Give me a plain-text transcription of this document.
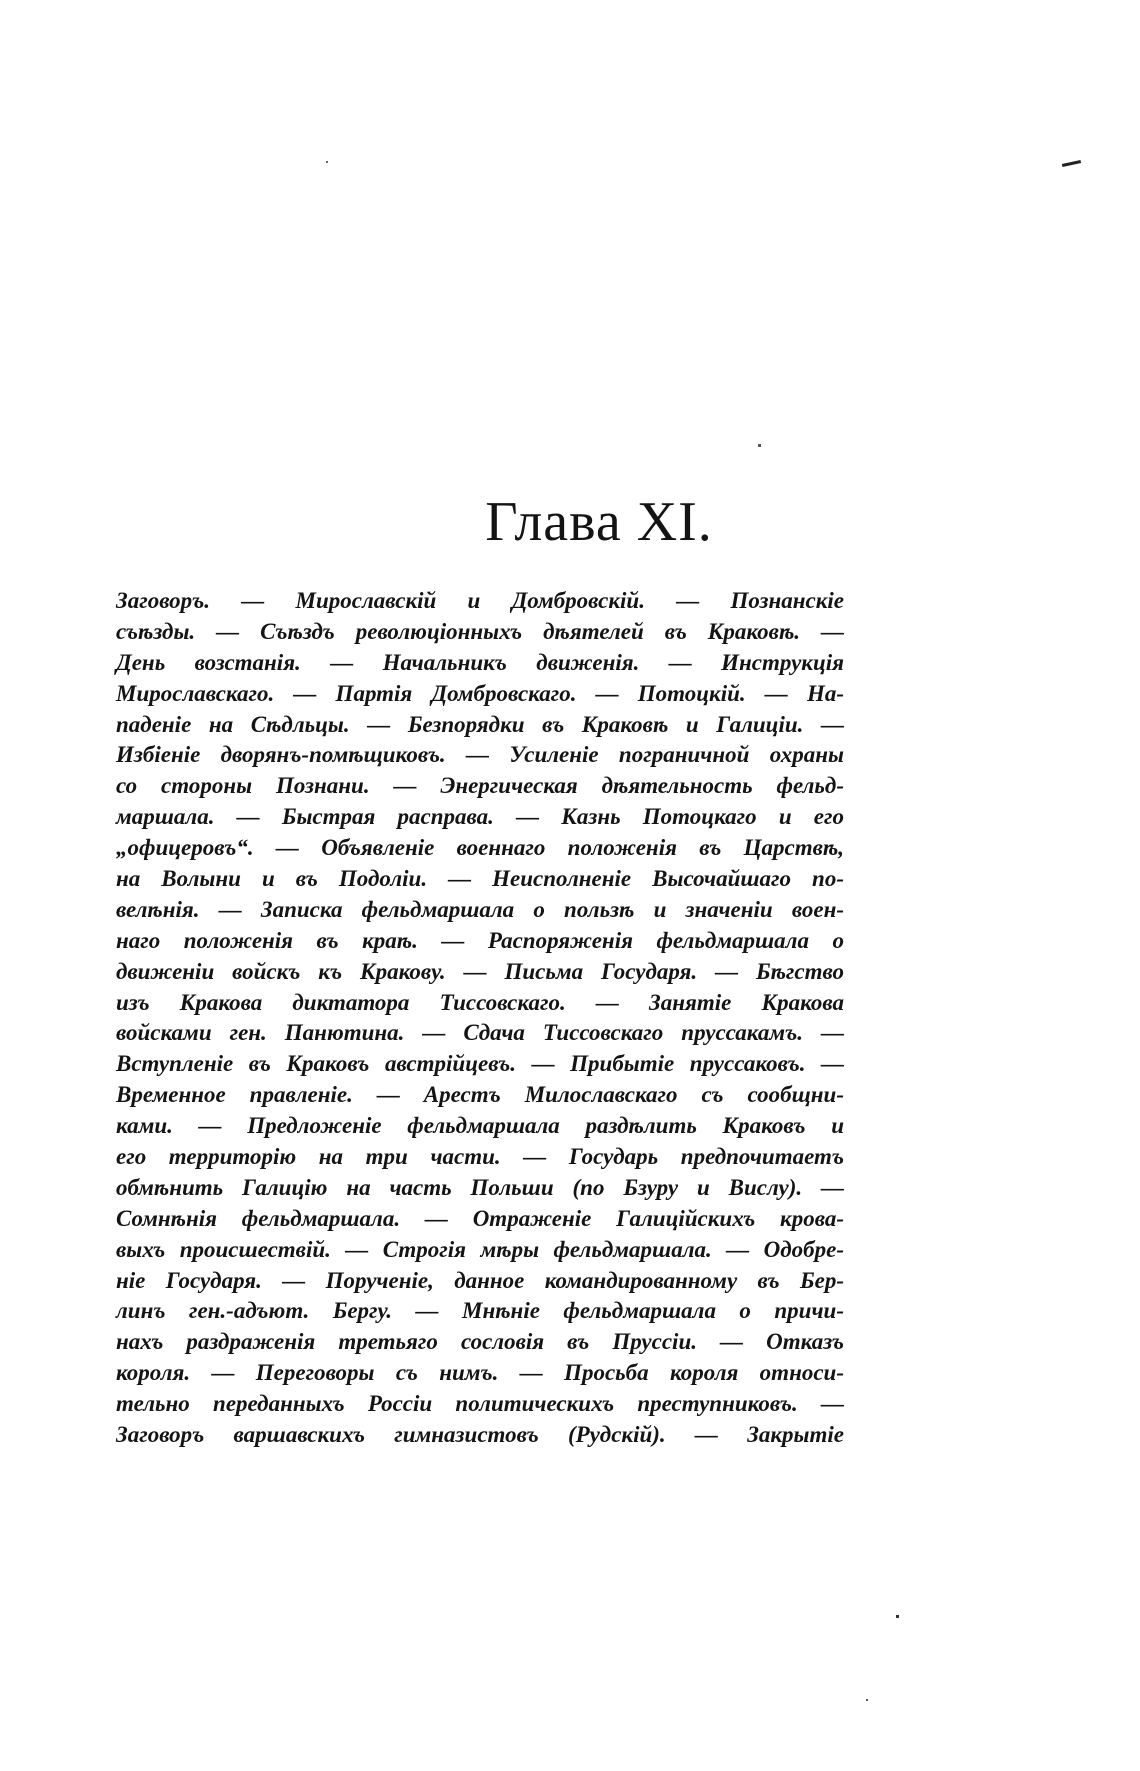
Глава XI.
Заговоръ. — Мирославскій и Домбровскій. — Познанскіе
съѣзды. — Съѣздъ революціонныхъ дѣятелей въ Краковѣ. —
День возстанія. — Начальникъ движенія. — Инструкція
Мирославскаго. — Партія Домбровскаго. — Потоцкій. — На-
паденіе на Сѣдльцы. — Безпорядки въ Краковѣ и Галиціи. —
Избіеніе дворянъ-помѣщиковъ. — Усиленіе пограничной охраны
со стороны Познани. — Энергическая дѣятельность фельд-
маршала. — Быстрая расправа. — Казнь Потоцкаго и его
„офицеровъ“. — Объявленіе военнаго положенія въ Царствѣ,
на Волыни и въ Подоліи. — Неисполненіе Высочайшаго по-
велѣнія. — Записка фельдмаршала о пользѣ и значеніи воен-
наго положенія въ краѣ. — Распоряженія фельдмаршала о
движеніи войскъ къ Кракову. — Письма Государя. — Бѣгство
изъ Кракова диктатора Тиссовскаго. — Занятіе Кракова
войсками ген. Панютина. — Сдача Тиссовскаго пруссакамъ. —
Вступленіе въ Краковъ австрійцевъ. — Прибытіе пруссаковъ. —
Временное правленіе. — Арестъ Милославскаго съ сообщни-
ками. — Предложеніе фельдмаршала раздѣлить Краковъ и
его территорію на три части. — Государь предпочитаетъ
обмѣнить Галицію на часть Польши (по Бзуру и Вислу). —
Сомнѣнія фельдмаршала. — Отраженіе Галиційскихъ крова-
выхъ происшествій. — Строгія мѣры фельдмаршала. — Одобре-
ніе Государя. — Порученіе, данное командированному въ Бер-
линъ ген.-адъют. Бергу. — Мнѣніе фельдмаршала о причи-
нахъ раздраженія третьяго сословія въ Пруссіи. — Отказъ
короля. — Переговоры съ нимъ. — Просьба короля относи-
тельно переданныхъ Россіи политическихъ преступниковъ. —
Заговоръ варшавскихъ гимназистовъ (Рудскій). — Закрытіе
